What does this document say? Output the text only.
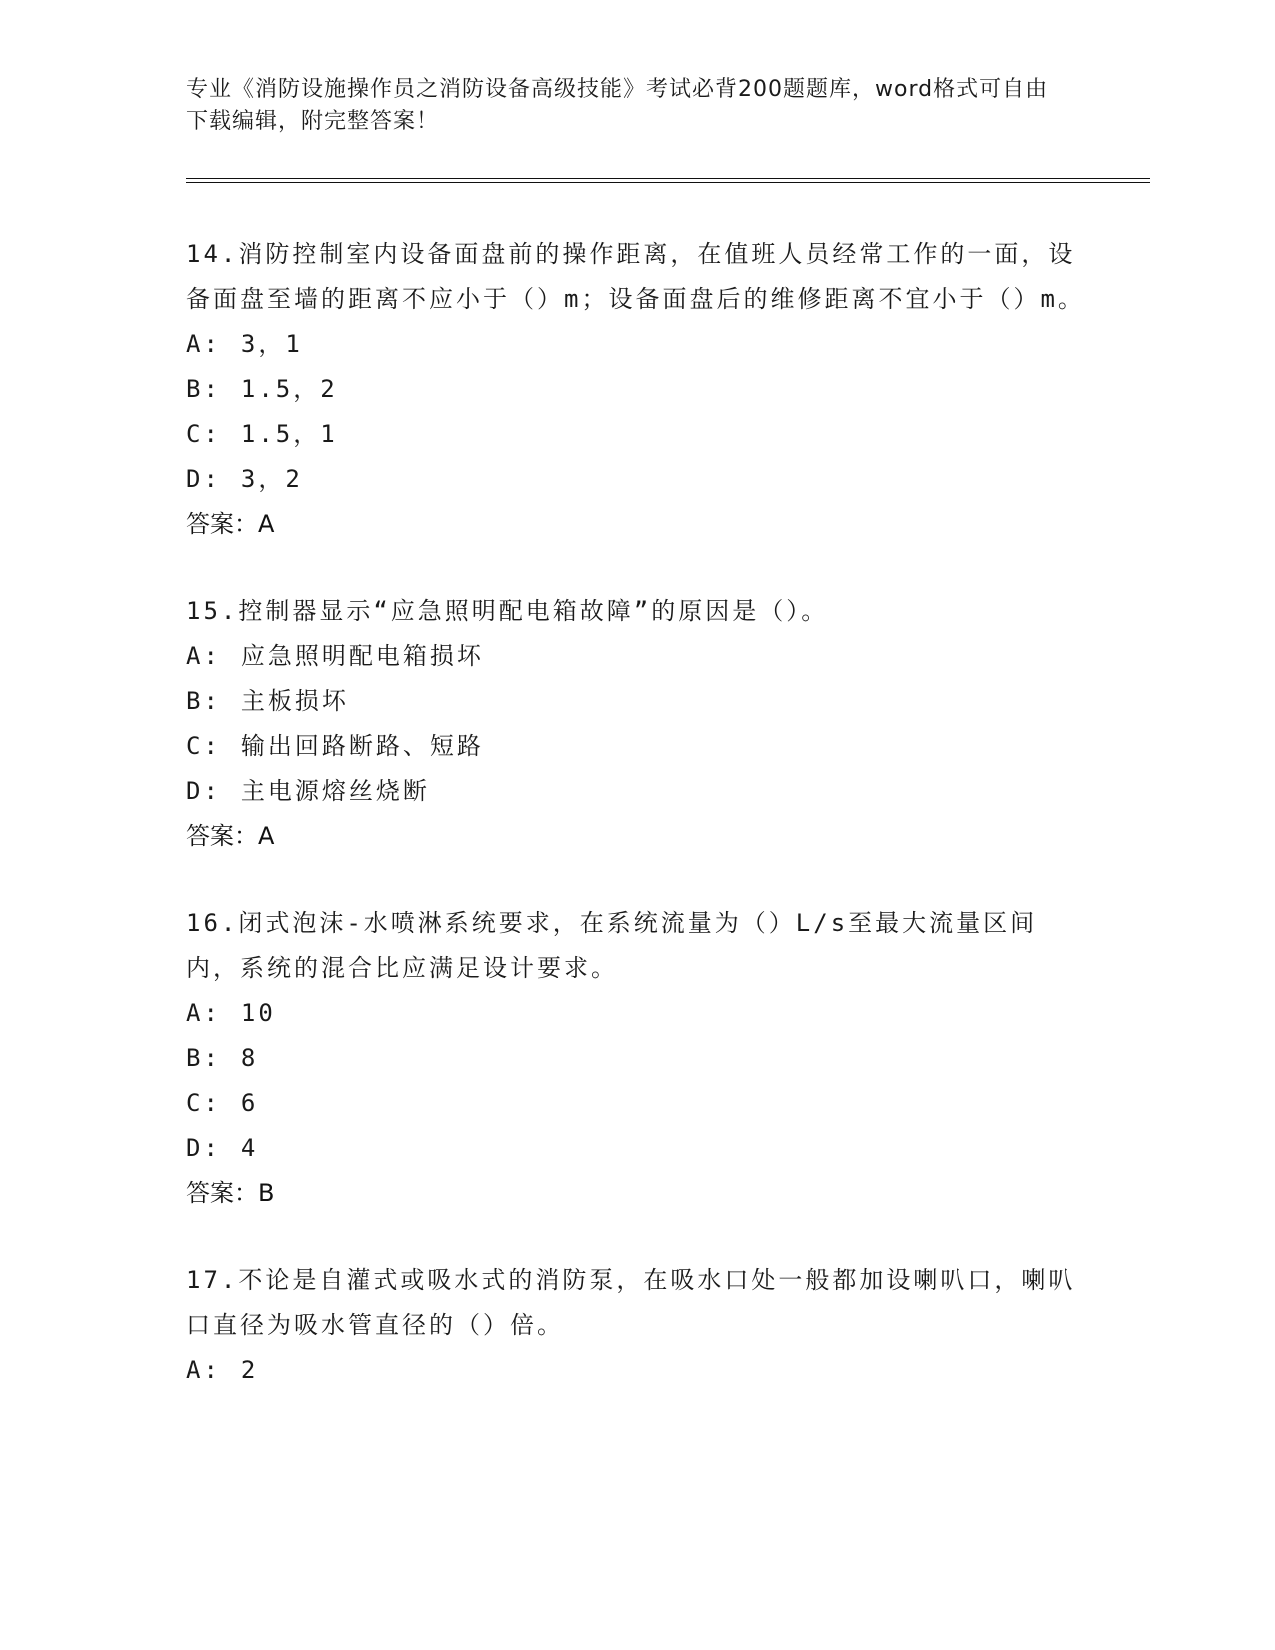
专业《消防设施操作员之消防设备高级技能》考试必背200题题库，word格式可自由下载编辑，附完整答案！
14.消防控制室内设备面盘前的操作距离，在值班人员经常工作的一面，设备面盘至墙的距离不应小于（）m；设备面盘后的维修距离不宜小于（）m。
A: 3，1
B: 1.5，2
C: 1.5，1
D: 3，2
答案：A
15.控制器显示“应急照明配电箱故障”的原因是（）。
A: 应急照明配电箱损坏
B: 主板损坏
C: 输出回路断路、短路
D: 主电源熔丝烧断
答案：A
16.闭式泡沫-水喷淋系统要求，在系统流量为（）L/s至最大流量区间内，系统的混合比应满足设计要求。
A: 10
B: 8
C: 6
D: 4
答案：B
17.不论是自灌式或吸水式的消防泵，在吸水口处一般都加设喇叭口，喇叭口直径为吸水管直径的（）倍。
A: 2
